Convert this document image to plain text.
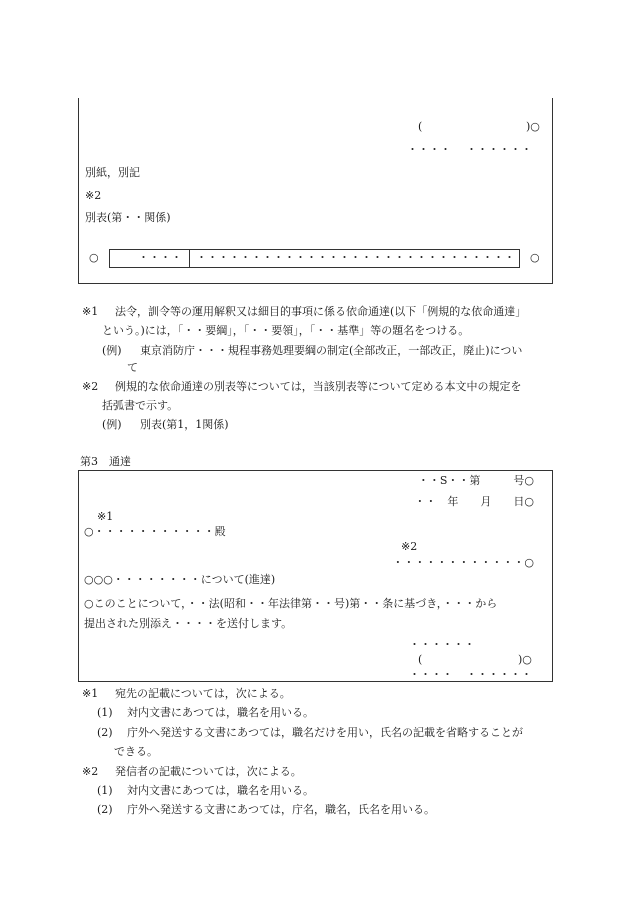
(	)○
・・・・ ・・・・・・
別紙，別記
※2
別表(第・・関係)
○	・・・・ ・・・・・・・・・・・・・・・・・・・・・・・・・・・・・ ○
※1 法令，訓令等の運用解釈又は細目的事項に係る依命通達(以下「例規的な依命通達」
という。)には，「・・要綱」，「・・要領」，「・・基準」等の題名をつける。
(例) 東京消防庁・・・規程事務処理要綱の制定(全部改正，一部改正，廃止)につい
て
※2 例規的な依命通達の別表等については，当該別表等について定める本文中の規定を
括弧書で示す。
(例) 別表(第1，1関係)
第3　通達
・・S・・第　　　号○
・・　年　　月　　日○
※1
○・・・・・・・・・・・殿
※2
・・・・・・・・・・・・○
○○○・・・・・・・・について(進達)
○このことについて，・・法(昭和・・年法律第・・号)第・・条に基づき，・・・から
提出された別添え・・・・を送付します。
・・・・・・
(	)○
・・・・ ・・・・・・
※1 宛先の記載については，次による。
(1) 対内文書にあつては，職名を用いる。
(2) 庁外へ発送する文書にあつては，職名だけを用い，氏名の記載を省略することが
できる。
※2 発信者の記載については，次による。
(1) 対内文書にあつては，職名を用いる。
(2) 庁外へ発送する文書にあつては，庁名，職名，氏名を用いる。
